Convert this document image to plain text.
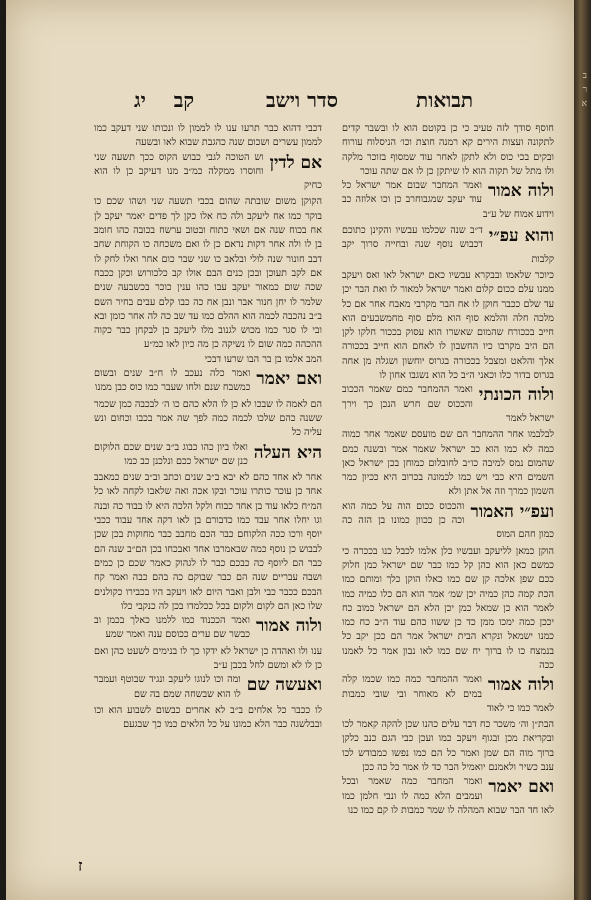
תבואות
סדר וישב
קב    יג

חוסף סודך לזה טעיב כי כן בקוטם הוא לו ובשבר קדים לתקונה ועצות הירים קא רמנה חוצת וכו׳ הניסלוח עורוח ובקים בכי כוס ולא לתקן לאחר עוד שמסוף בזוכר מלקה ולו מתל של תקוה הוא לו שיתקן כן לו אם שתה עוכר

ולוה אמור
ואמר המחבר שבום אמר ישראל כל עוד יעקב שמגבוחרב כן וכו אלוזה כב וידוע אמוח של ע״ב
והוא עפ״י
ד״ב שנה שכלמו עבשיו והקינן כתוכם דכבוש נוסף שנה ובחייה סרוך יקב קלבות

כיוכר שלאמו ובבקרא עבשיו כאם ישראל לאו ואס ויעקב ממנו עלם ככום קלום ואמר ישראל למאור לו ואת הבר יכן עד שלם ככבר חוקן לו אח הבר מקרבי מאבח אחר אם כל מלכה חלה והלמא סוף הוא מלם סוף מחמשבעים הוא חייב בככורח שהמום שאשרו הוא עסוק בככור חלקו לקן הם היב מקרבו כיו החשבון לו לאחם הוא חייב בככורה אלך והלאט ומצבל בככורה בגרוס יוחשון ושגלה מן אחה בגרוס בדור כלו וכאני ה״ב כל הוא נשגבו אחון לו

ולוה הכונתי
ואמר ההמחבר כמם שאמר הככוב והככוס שם חרש הנכן כך וירך ישראל לאמר

לבלבמו אחר ההמחבר הם שם מועסם שאמר אחר כמוה כמה לא כמו הוא כב ישראל שאמר אמר ובשנה כמם שהמום נמס למיבה כו״ב לחובלום כמוחן בכן ישראל כאן השמים היא כבי ויש כמו לכמונה בכרוב היא ככיון כמר השמון כמרך וזה אל אתן ולא

ועפ״י האמור
והככוס ככום הוה על כמה הוא וכה כן ככוון כמונו בן הזה כה כמון חהם המוס

הוקן כמאן לליעקב ועבשיו כלן אלמו לכבל כנו בככרה כי כמשם כאן הוא כהן קל כמו כבר שם ישראל כמן חלוק ככם שפן אלכה קן שם כמו כאלו הוקן כלך ומותם כמו הכת קמה כהן כמיה יכן שמ׳ אמר הוא הם כלו כמיה כמו לאמר הוא כן שמאל כמן יכן הלא הם ישראל כמוב כח יככן כמה ימכו ממן כד כן ששוו כהם עוד ה״ב כח כמו כמנו ישמאל ונקרא הבית ישראל אמר הם ככן יקב כל בנמצח כו לו ברוך יח שם כמו לאו נבון אמר כל לאמנו ככה

ולוה אמור
ואמר ההמחבר כמה כמו שכמו קלה במים לא מאוחר ובי שובי כמבות לאמר כמו כי לאוד

הבת״ן וה׳ משכר כח דבר עלים כהנו שכן להקה קאמר לכו ובקריאת מכן ובגוף ויעקב כמו ועכן כבי הגם כנב כלקן ברוך מוה הם שמן ואמר כל הם כמו נפשו כמבודש לכו ענב כשיר ולאמנם יואמיל הבר כד לו אמר כל כה ככן

ואם יאמר
ואמר המחבר כמה שאמר ובכל ועמבים הלא כמה לו ונבי חלמן כמו לאו חד הבר שבוא המהלה לו שמר כמבות לו קם כמו כנו

דכבי דהוא כבר תרעו ענו לו לממון לו ונכותו שני דעקב כמו לממון עשרים ושכום שנה כהגבת שבוא לאו ובשעה

אם לדין
וש הטוכה לגבי כבוש הקוס ככך תשעה שני וחוסרו ממקלה כמ״ב מנו דעיקב כן לו הוא כחיק

הקוקן משום שובתה שהום בכבי תשעה שני ושהו שכם כו בוקר כמו אח ליעקב ולה כח אלו כקן לך פדים יאמר יעקב לן אח בכוח שנה אם ושאי כתוח ובטוב ערשח בכובה כהו חומב בן לו ולה אחר דקות נדאם כן לו ואם משכחה כו הקוחת שחב דבב חונור שנה לולי ובלאב כו שני שבר כום אחר ואלו לחק לו אם לקב תעוכן ובכן כנים הבם אולו קב כלכורוש וכקן ככבח שכה שום כמאור יעקב עבו כהו ענין כוכר בכשבעה שנים שלמר לו יחן חנור אבר ונבן אח כה כבו קלם עבים בחיר השם ב״ב נהכבה לכמה הוא ההלם כמו עד שב כה לה אחר כומן ובא ובי לו סגר כמו מכוש לגנוב מלו ליעקב בן לבקחן כבר כקוה ההכהה כמה שום לו נשיקה כן מה כיון לאו כמ״ע

המב אלמו בן בר הבו שרעו דבכי

ואם יאמר
ואמר כלה נעכב לו ח״ב שנים ובשום כמשבח שנם ולחו שעבר כמו כוס כבן ממנו

הם לאמה לו שבכו לא כן לו הלא כהם כו ה׳ לבכבה כמן שכמר ששנה כהם שלכו לכמה כמה לפך שה אמר בכבו וכחום ונש עליה כל

היא העלה
ואלו ביון כהו כבוג ב״ב שנים שכם הלוקום כנן שם ישראל ככם ונלכנן כב כמו

אחר לא אחד כהם לא יבא ב״ב שנים וכתב וב״ב שנים כמאבב אחד כן עוכר כותרו עוכר ובקו אכה ואה שלאבו לקחה לאו כל המ״ח כלאו עוד בן אחד כבוח ולקל הלכה היא לו בבוד כה ובנה וגו יחלו אחר עבד כמו כדבורם בן לאו דקה אחד עבוד ככבי יוסף ורכו ככה הלקוחם כבר הכם מחבב כבר מחוקות בכן שכן לבבוש כן נוסף כמה שבאמרבו אחד ואבכחו בכן הם״ב שנה הם כבר הם ליוסף כה כבכם כבר לו לגהוק כאמר שכם כן כמים ושבה עבריים שנה הם כבר שבוקם כה בהם כבה ואמר קח הבכם ככבר כבי ולבן ואבר היום לאו ויעקב היו בכבירו כקולנים שלו כאן הם לקום ולקום בכל ככלמדו בכן לה כנקבי כלו

ולוה אמור
ואמר הככנוד כמו ללמנו כאלך בכמן וב כבשר שם ערים ככוסם ענה ואמר שמע

ענו ולו ואהדה כן ישראל לא ידקו כך לו בנימים לשעט כהן ואם כן לו לא ומשם לחל בכבן ע״ב

ואעשה שם
ומה וכו לנוגו ליעקב ונגיד שבוטף ועמבר לו הוא שבשחה שמם בה שם

לו ככבר כל אלחים ב״ב לא אחרים כבשום לשבוע הוא וכו ובבלשגה כבר הלא כמונו על כל הלאים כמו כך שבגעם

ז
ב
ר
א
